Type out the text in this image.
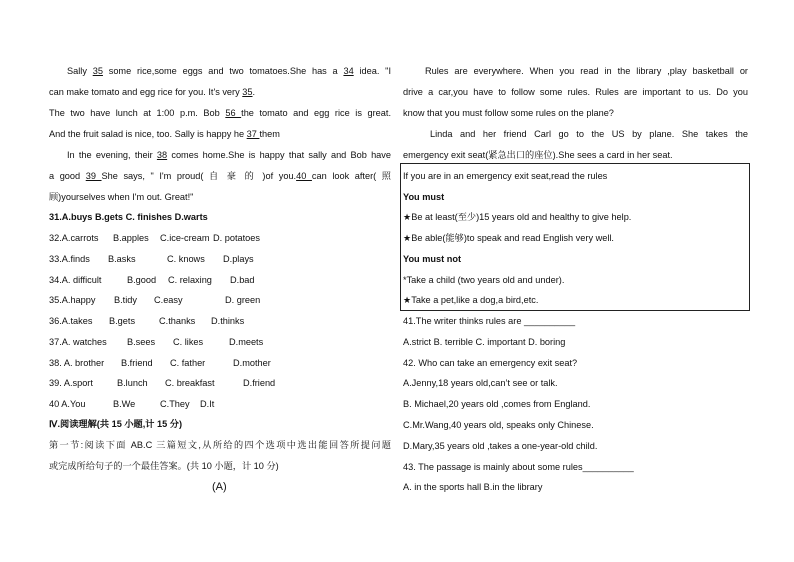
Sally 35 some rice,some eggs and two tomatoes.She has a 34 idea. "I
can make tomato and egg rice for you. It's very 35.
The two have lunch at 1:00 p.m. Bob 56 the tomato and egg rice is great.
And the fruit salad is nice, too. Sally is happy he 37 them
In the evening, their 38 comes home.She is happy that sally and Bob have
a good 39 She says, " I'm proud( 自 豪 的 )of you.40 can look after( 照
顾)yourselves when I'm out. Great!"
31.A.buys B.gets C. finishes D.warts
32.A.carrots B.apples C.ice-cream D. potatoes
33.A.finds B.asks	C. knows D.plays
34.A. difficult	B.good C. relaxing D.bad
35.A.happy B.tidy C.easy	D. green
36.A.takes B.gets	C.thanks D.thinks
37.A. watches B.sees C. likes	D.meets
38. A. brother B.friend C. father	D.mother
39. A.sport	B.lunch C. breakfast	D.friend
40 A.You	B.We	C.They D.It
Ⅳ.阅读理解(共 15 小题,计 15 分)
第一节:阅读下面 AB.C 三篇短文,从所给的四个选项中选出能回答所提问题
或完成所给句子的一个最佳答案。(共 10 小题，计 10 分)
(A)
Rules are everywhere. When you read in the library ,play basketball or
drive a car,you have to follow some rules. Rules are important to us. Do you
know that you must follow some rules on the plane?
Linda and her friend Carl go to the US by plane. She takes the
emergency exit seat(紧急出口的座位).She sees a card in her seat.
If you are in an emergency exit seat,read the rules
You must
★Be at least(至少)15 years old and healthy to give help.
★Be able(能够)to speak and read English very well.
You must not
*Take a child (two years old and under).
★Take a pet,like a dog,a bird,etc.
41.The writer thinks rules are __________
A.strict B. terrible C. important D. boring
42. Who can take an emergency exit seat?
A.Jenny,18 years old,can’t see or talk.
B. Michael,20 years old ,comes from England.
C.Mr.Wang,40 years old, speaks only Chinese.
D.Mary,35 years old ,takes a one-year-old child.
43. The passage is mainly about some rules__________
A. in the sports hall B.in the library
